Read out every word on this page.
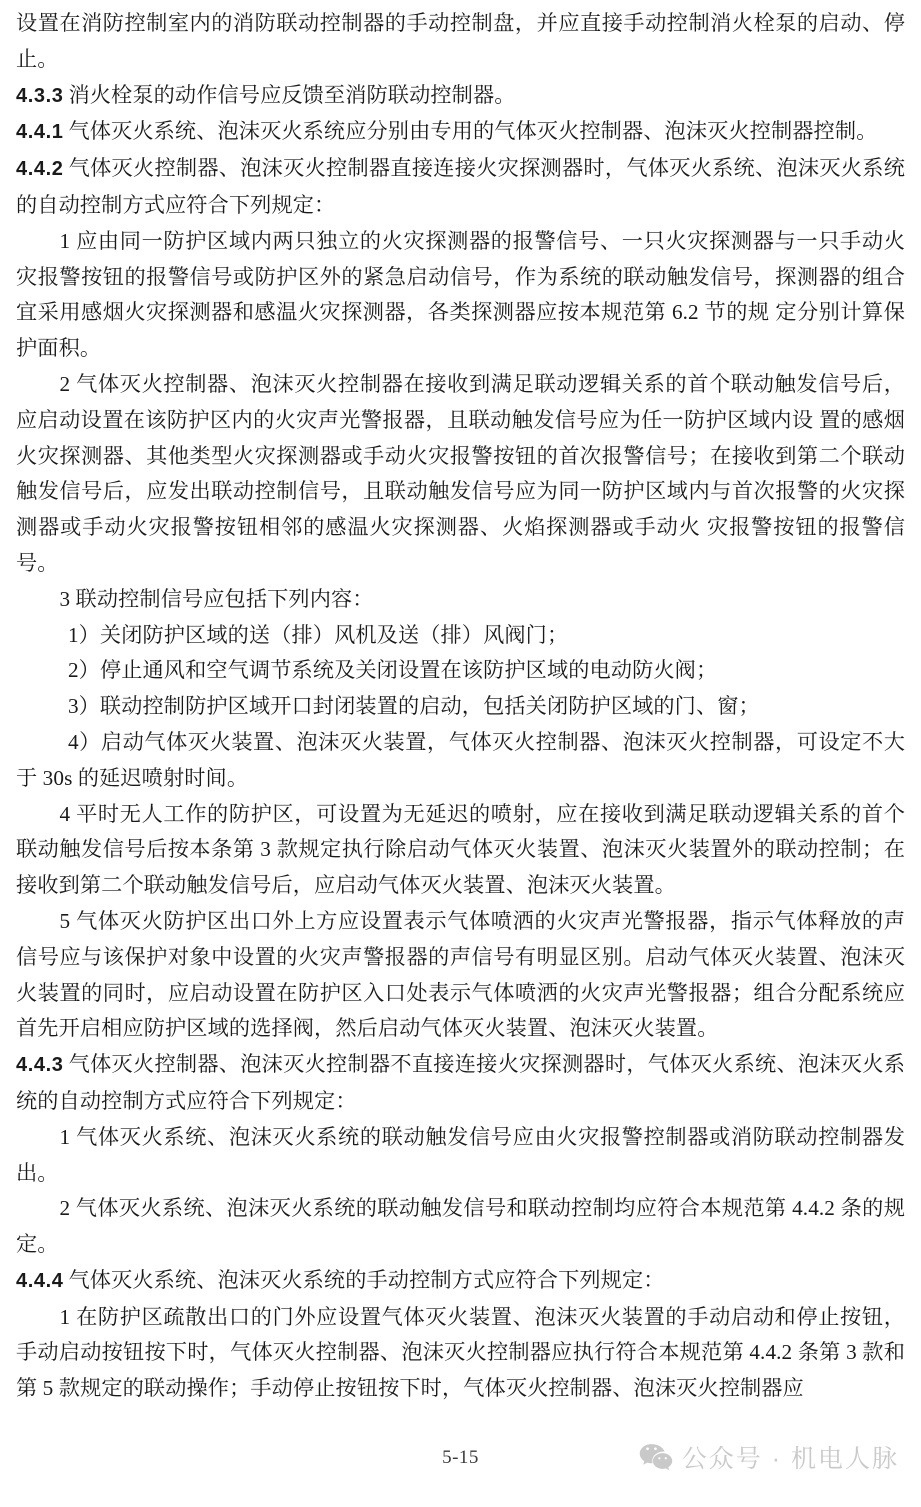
设置在消防控制室内的消防联动控制器的手动控制盘，并应直接手动控制消火栓泵的启动、停止。

4.3.3 消火栓泵的动作信号应反馈至消防联动控制器。

4.4.1 气体灭火系统、泡沫灭火系统应分别由专用的气体灭火控制器、泡沫灭火控制器控制。

4.4.2 气体灭火控制器、泡沫灭火控制器直接连接火灾探测器时，气体灭火系统、泡沫灭火系统的自动控制方式应符合下列规定：

1 应由同一防护区域内两只独立的火灾探测器的报警信号、一只火灾探测器与一只手动火灾报警按钮的报警信号或防护区外的紧急启动信号，作为系统的联动触发信号，探测器的组合宜采用感烟火灾探测器和感温火灾探测器，各类探测器应按本规范第 6.2 节的规 定分别计算保护面积。

2 气体灭火控制器、泡沫灭火控制器在接收到满足联动逻辑关系的首个联动触发信号后，应启动设置在该防护区内的火灾声光警报器，且联动触发信号应为任一防护区域内设 置的感烟火灾探测器、其他类型火灾探测器或手动火灾报警按钮的首次报警信号；在接收到第二个联动触发信号后，应发出联动控制信号，且联动触发信号应为同一防护区域内与首次报警的火灾探测器或手动火灾报警按钮相邻的感温火灾探测器、火焰探测器或手动火 灾报警按钮的报警信号。

3 联动控制信号应包括下列内容：

1）关闭防护区域的送（排）风机及送（排）风阀门；

2）停止通风和空气调节系统及关闭设置在该防护区域的电动防火阀；

3）联动控制防护区域开口封闭装置的启动，包括关闭防护区域的门、窗；

4）启动气体灭火装置、泡沫灭火装置，气体灭火控制器、泡沫灭火控制器，可设定不大于 30s 的延迟喷射时间。

4 平时无人工作的防护区，可设置为无延迟的喷射，应在接收到满足联动逻辑关系的首个联动触发信号后按本条第 3 款规定执行除启动气体灭火装置、泡沫灭火装置外的联动控制；在接收到第二个联动触发信号后，应启动气体灭火装置、泡沫灭火装置。

5 气体灭火防护区出口外上方应设置表示气体喷洒的火灾声光警报器，指示气体释放的声信号应与该保护对象中设置的火灾声警报器的声信号有明显区别。启动气体灭火装置、泡沫灭火装置的同时，应启动设置在防护区入口处表示气体喷洒的火灾声光警报器；组合分配系统应首先开启相应防护区域的选择阀，然后启动气体灭火装置、泡沫灭火装置。

4.4.3 气体灭火控制器、泡沫灭火控制器不直接连接火灾探测器时，气体灭火系统、泡沫灭火系统的自动控制方式应符合下列规定：

1 气体灭火系统、泡沫灭火系统的联动触发信号应由火灾报警控制器或消防联动控制器发出。

2 气体灭火系统、泡沫灭火系统的联动触发信号和联动控制均应符合本规范第 4.4.2 条的规定。

4.4.4 气体灭火系统、泡沫灭火系统的手动控制方式应符合下列规定：

1 在防护区疏散出口的门外应设置气体灭火装置、泡沫灭火装置的手动启动和停止按钮，手动启动按钮按下时，气体灭火控制器、泡沫灭火控制器应执行符合本规范第 4.4.2 条第 3 款和第 5 款规定的联动操作；手动停止按钮按下时，气体灭火控制器、泡沫灭火控制器应

5-15	公众号 · 机电人脉
